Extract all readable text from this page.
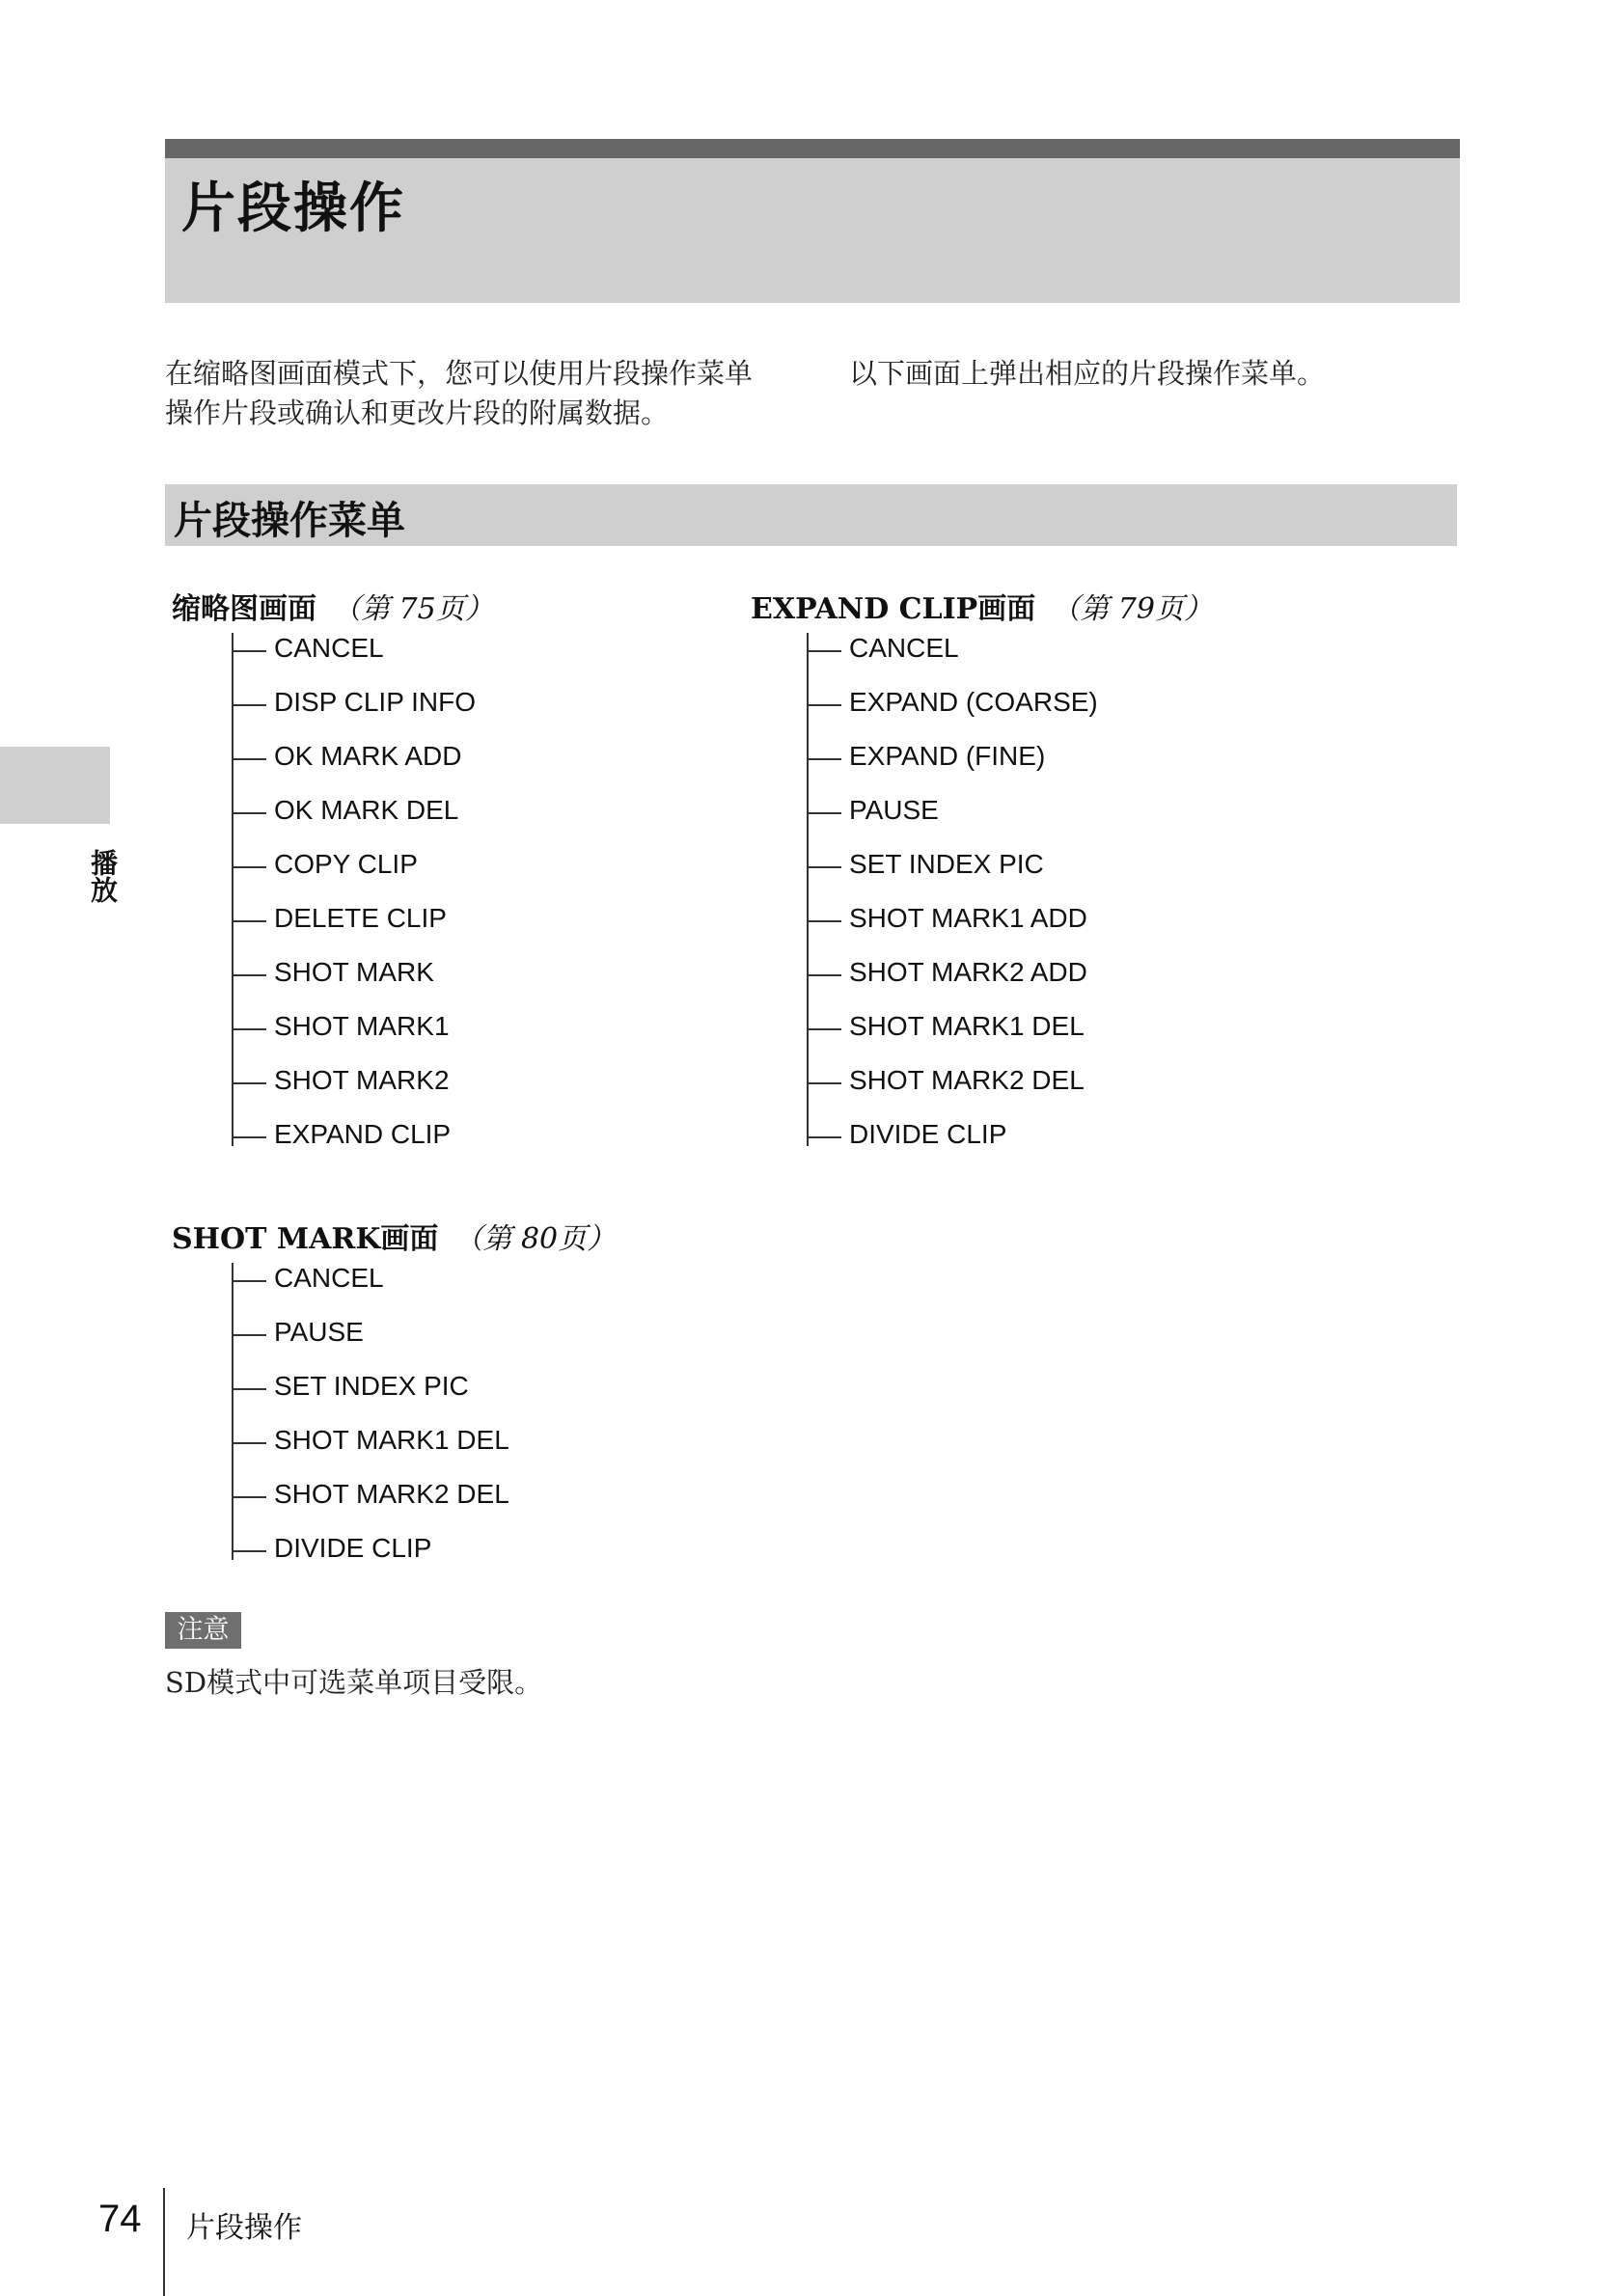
片段操作
在缩略图画面模式下，您可以使用片段操作菜单操作片段或确认和更改片段的附属数据。
以下画面上弹出相应的片段操作菜单。
片段操作菜单
缩略图画面 （第 75页）
CANCEL
DISP CLIP INFO
OK MARK ADD
OK MARK DEL
COPY CLIP
DELETE CLIP
SHOT MARK
SHOT MARK1
SHOT MARK2
EXPAND CLIP
EXPAND CLIP画面 （第 79页）
CANCEL
EXPAND (COARSE)
EXPAND (FINE)
PAUSE
SET INDEX PIC
SHOT MARK1 ADD
SHOT MARK2 ADD
SHOT MARK1 DEL
SHOT MARK2 DEL
DIVIDE CLIP
SHOT MARK画面 （第 80页）
CANCEL
PAUSE
SET INDEX PIC
SHOT MARK1 DEL
SHOT MARK2 DEL
DIVIDE CLIP
注意
SD模式中可选菜单项目受限。
播放
74 片段操作
